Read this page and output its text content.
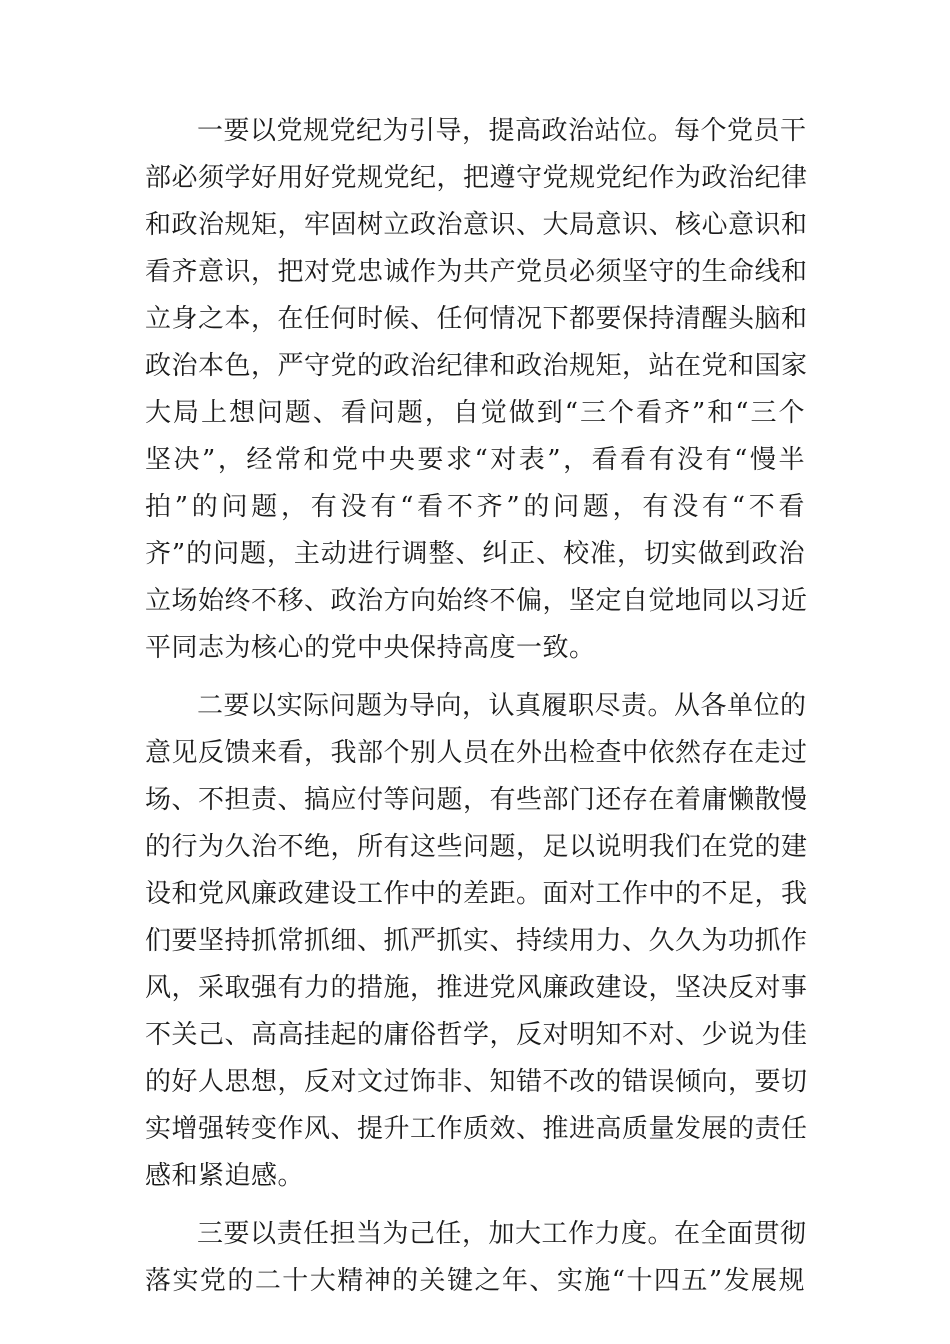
一要以党规党纪为引导，提高政治站位。每个党员干
部必须学好用好党规党纪，把遵守党规党纪作为政治纪律
和政治规矩，牢固树立政治意识、大局意识、核心意识和
看齐意识，把对党忠诚作为共产党员必须坚守的生命线和
立身之本，在任何时候、任何情况下都要保持清醒头脑和
政治本色，严守党的政治纪律和政治规矩，站在党和国家
大局上想问题、看问题，自觉做到“三个看齐”和“三个
坚决”，经常和党中央要求“对表”，看看有没有“慢半
拍”的问题，有没有“看不齐”的问题，有没有“不看
齐”的问题，主动进行调整、纠正、校准，切实做到政治
立场始终不移、政治方向始终不偏，坚定自觉地同以习近
平同志为核心的党中央保持高度一致。

二要以实际问题为导向，认真履职尽责。从各单位的
意见反馈来看，我部个别人员在外出检查中依然存在走过
场、不担责、搞应付等问题，有些部门还存在着庸懒散慢
的行为久治不绝，所有这些问题，足以说明我们在党的建
设和党风廉政建设工作中的差距。面对工作中的不足，我
们要坚持抓常抓细、抓严抓实、持续用力、久久为功抓作
风，采取强有力的措施，推进党风廉政建设，坚决反对事
不关己、高高挂起的庸俗哲学，反对明知不对、少说为佳
的好人思想，反对文过饰非、知错不改的错误倾向，要切
实增强转变作风、提升工作质效、推进高质量发展的责任
感和紧迫感。

三要以责任担当为己任，加大工作力度。在全面贯彻
落实党的二十大精神的关键之年、实施“十四五”发展规
